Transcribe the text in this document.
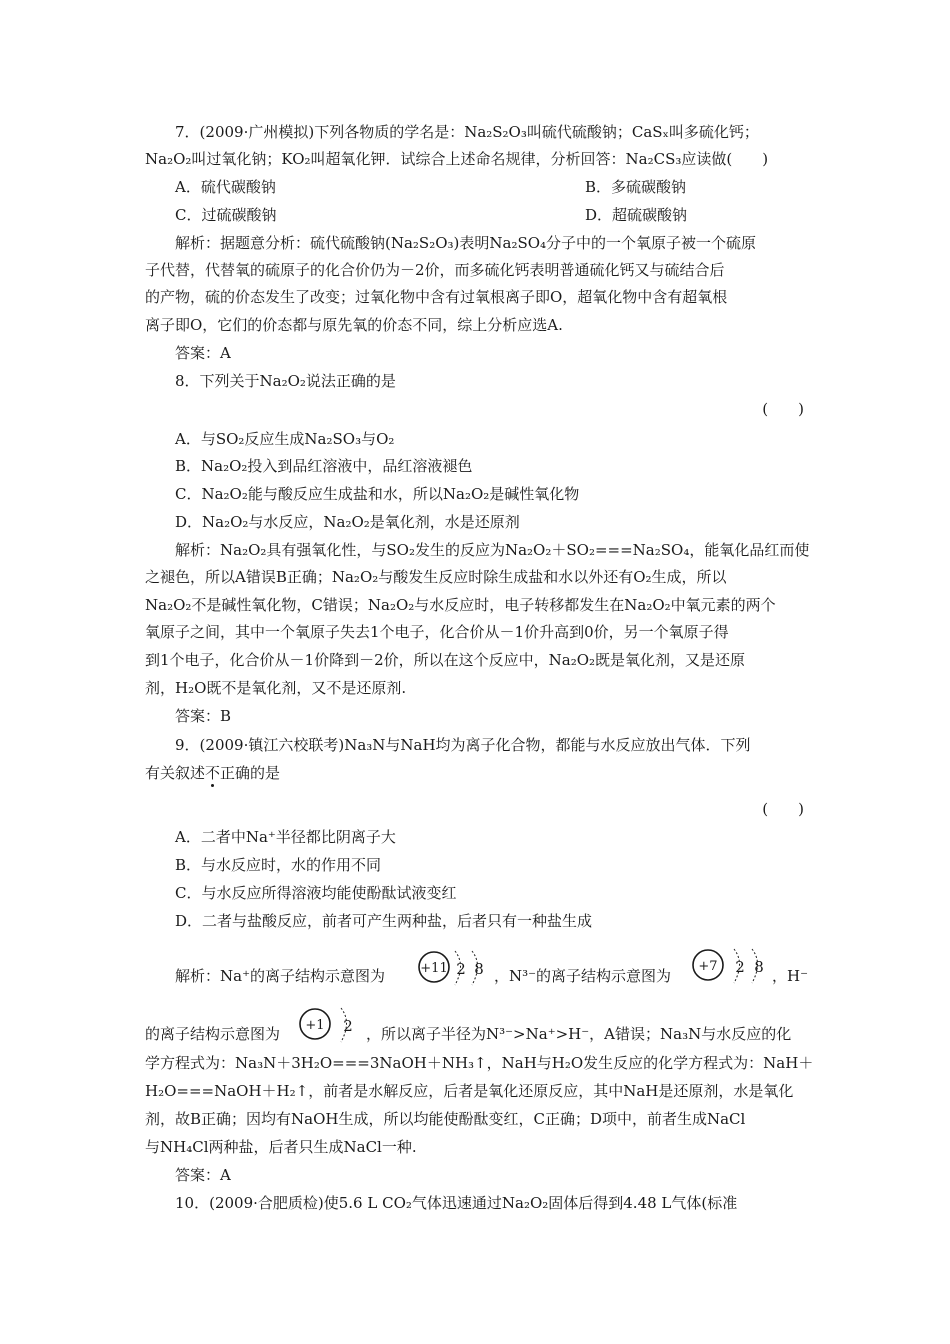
7．(2009·广州模拟)下列各物质的学名是：Na₂S₂O₃叫硫代硫酸钠；CaSₓ叫多硫化钙；
Na₂O₂叫过氧化钠；KO₂叫超氧化钾．试综合上述命名规律，分析回答：Na₂CS₃应读做(　　)
A．硫代碳酸钠	B．多硫碳酸钠
C．过硫碳酸钠	D．超硫碳酸钠
解析：据题意分析：硫代硫酸钠(Na₂S₂O₃)表明Na₂SO₄分子中的一个氧原子被一个硫原
子代替，代替氧的硫原子的化合价仍为－2价，而多硫化钙表明普通硫化钙又与硫结合后
的产物，硫的价态发生了改变；过氧化物中含有过氧根离子即O，超氧化物中含有超氧根
离子即O，它们的价态都与原先氧的价态不同，综上分析应选A.
答案：A
8．下列关于Na₂O₂说法正确的是
(　　)
A．与SO₂反应生成Na₂SO₃与O₂
B．Na₂O₂投入到品红溶液中，品红溶液褪色
C．Na₂O₂能与酸反应生成盐和水，所以Na₂O₂是碱性氧化物
D．Na₂O₂与水反应，Na₂O₂是氧化剂，水是还原剂
解析：Na₂O₂具有强氧化性，与SO₂发生的反应为Na₂O₂＋SO₂===Na₂SO₄，能氧化品红而使
之褪色，所以A错误B正确；Na₂O₂与酸发生反应时除生成盐和水以外还有O₂生成，所以
Na₂O₂不是碱性氧化物，C错误；Na₂O₂与水反应时，电子转移都发生在Na₂O₂中氧元素的两个
氧原子之间，其中一个氧原子失去1个电子，化合价从－1价升高到0价，另一个氧原子得
到1个电子，化合价从－1价降到－2价，所以在这个反应中，Na₂O₂既是氧化剂，又是还原
剂，H₂O既不是氧化剂，又不是还原剂.
答案：B
9．(2009·镇江六校联考)Na₃N与NaH均为离子化合物，都能与水反应放出气体．下列
有关叙述不正确的是
(　　)
A．二者中Na⁺半径都比阴离子大
B．与水反应时，水的作用不同
C．与水反应所得溶液均能使酚酞试液变红
D．二者与盐酸反应，前者可产生两种盐，后者只有一种盐生成
解析：Na⁺的离子结构示意图为	+11 2 8 ，N³⁻的离子结构示意图为
+7 2 8 ，H⁻
的离子结构示意图为	+1 2 ，所以离子半径为N³⁻>Na⁺>H⁻，A错误；Na₃N与水反应的化
学方程式为：Na₃N＋3H₂O===3NaOH＋NH₃↑，NaH与H₂O发生反应的化学方程式为：NaH＋
H₂O===NaOH＋H₂↑，前者是水解反应，后者是氧化还原反应，其中NaH是还原剂，水是氧化
剂，故B正确；因均有NaOH生成，所以均能使酚酞变红，C正确；D项中，前者生成NaCl
与NH₄Cl两种盐，后者只生成NaCl一种.
答案：A
10．(2009·合肥质检)使5.6 L CO₂气体迅速通过Na₂O₂固体后得到4.48 L气体(标准
